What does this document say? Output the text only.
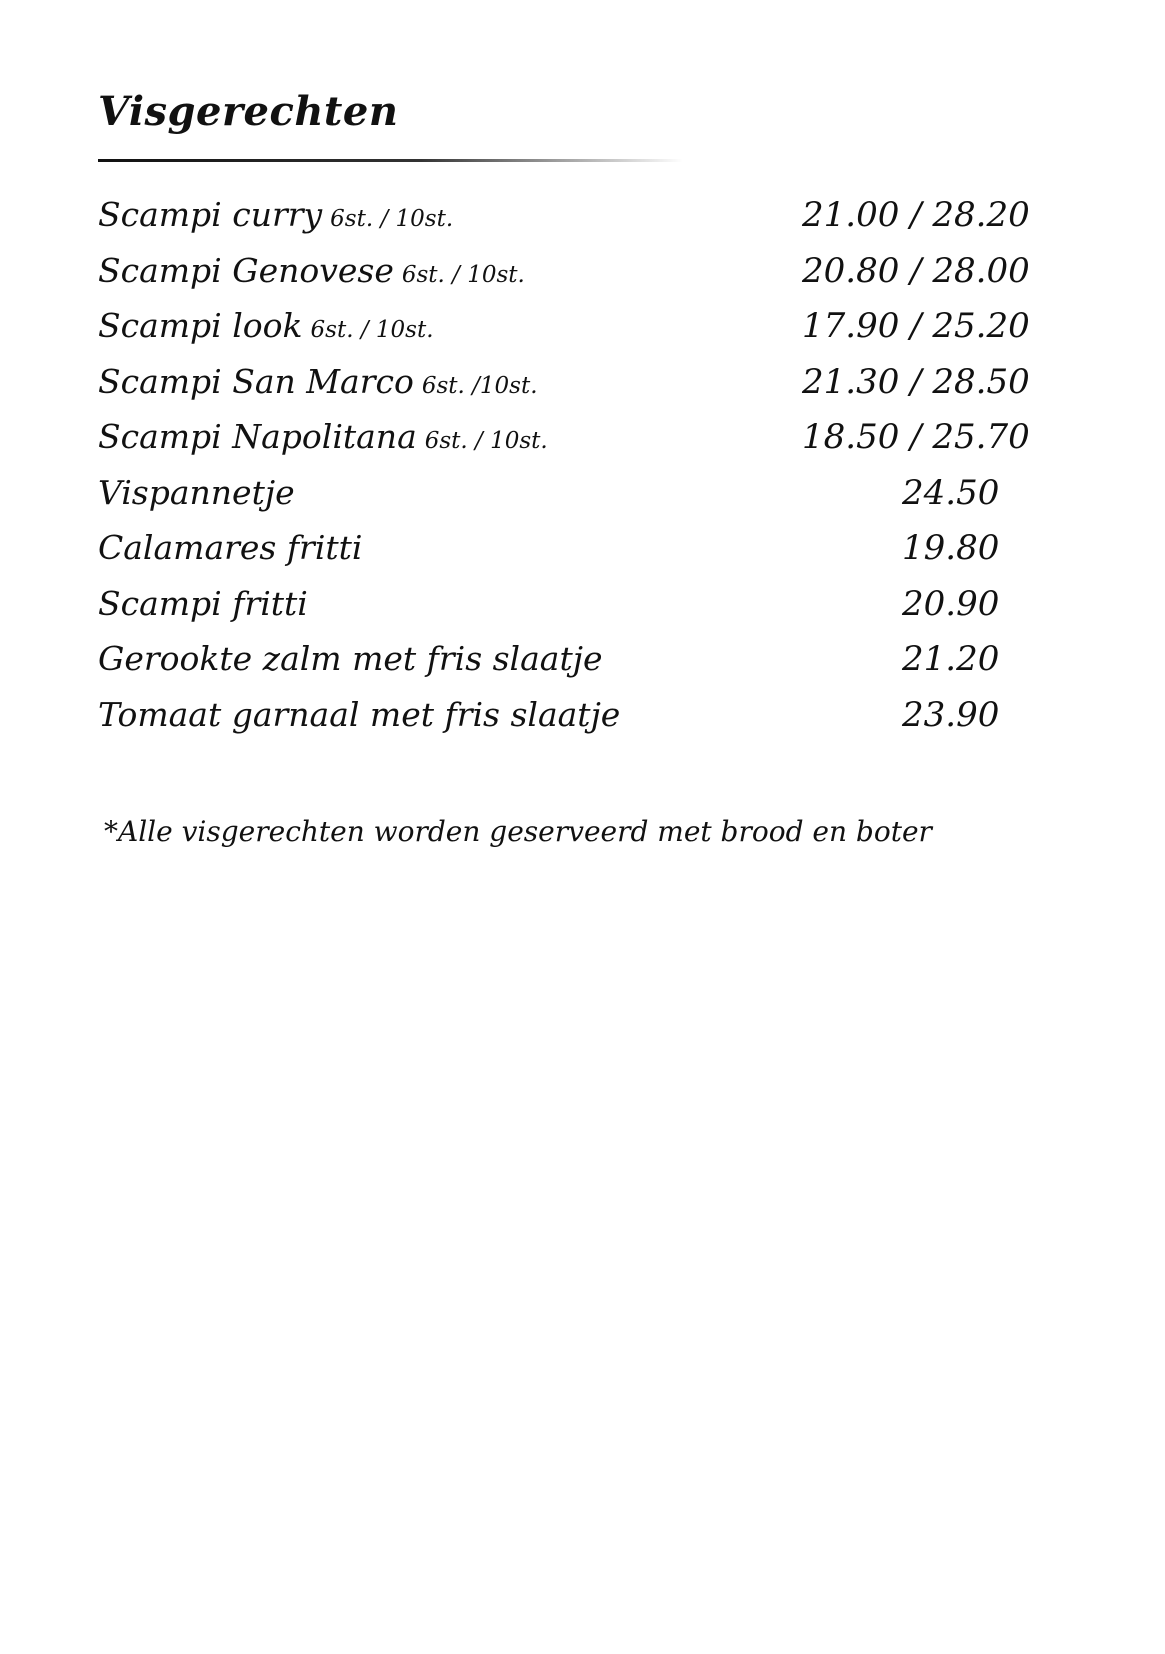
Visgerechten
Scampi curry 6st. / 10st.	21.00 / 28.20
Scampi Genovese 6st. / 10st.	20.80 / 28.00
Scampi look 6st. / 10st.	17.90 / 25.20
Scampi San Marco 6st. /10st.	21.30 / 28.50
Scampi Napolitana 6st. / 10st.	18.50 / 25.70
Vispannetje	24.50
Calamares fritti	19.80
Scampi fritti	20.90
Gerookte zalm met fris slaatje	21.20
Tomaat garnaal met fris slaatje	23.90

*Alle visgerechten worden geserveerd met brood en boter
